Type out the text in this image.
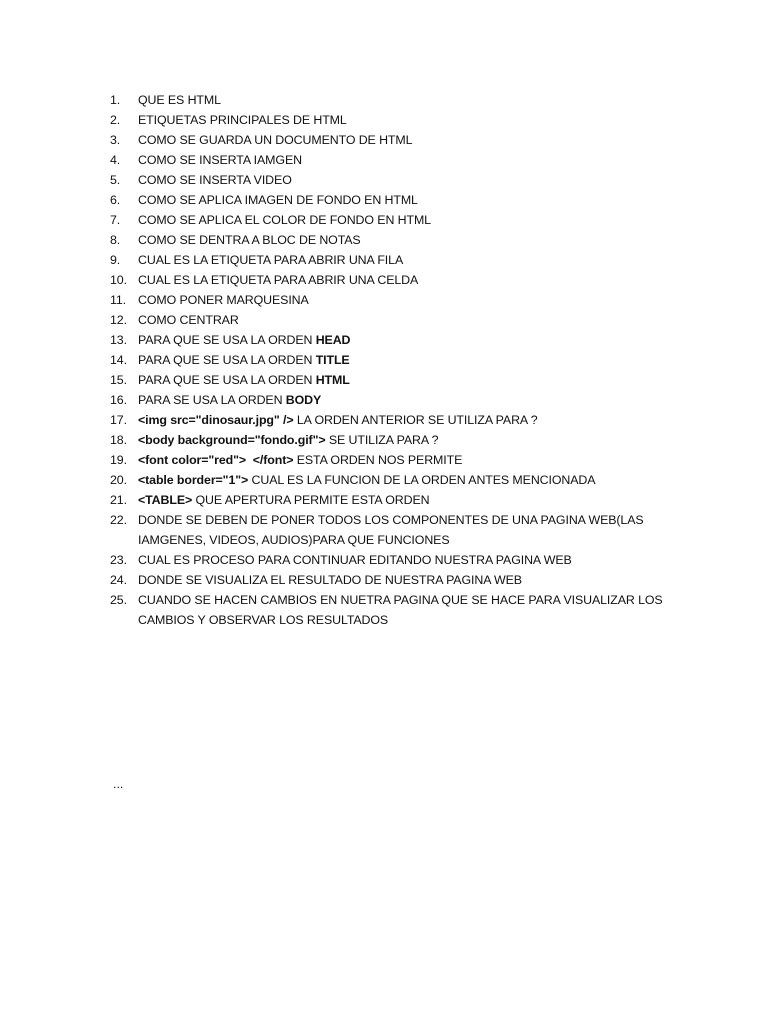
1.	QUE ES HTML
2.	ETIQUETAS PRINCIPALES DE HTML
3.	COMO SE GUARDA UN DOCUMENTO DE HTML
4.	COMO SE INSERTA IAMGEN
5.	COMO SE INSERTA VIDEO
6.	COMO SE APLICA IMAGEN DE FONDO EN HTML
7.	COMO SE APLICA EL COLOR DE FONDO EN HTML
8.	COMO SE DENTRA A BLOC DE NOTAS
9.	CUAL ES LA ETIQUETA PARA ABRIR UNA FILA
10. CUAL ES LA ETIQUETA PARA ABRIR UNA CELDA
11. COMO PONER MARQUESINA
12. COMO CENTRAR
13. PARA QUE SE USA LA ORDEN HEAD
14. PARA QUE SE USA LA ORDEN TITLE
15. PARA QUE SE USA LA ORDEN HTML
16. PARA SE USA LA ORDEN BODY
17. <img src="dinosaur.jpg" /> LA ORDEN ANTERIOR SE UTILIZA PARA ?
18. <body background="fondo.gif"> SE UTILIZA PARA ?
19. <font color="red">  </font> ESTA ORDEN NOS PERMITE
20. <table border="1"> CUAL ES LA FUNCION DE LA ORDEN ANTES MENCIONADA
21. <TABLE> QUE APERTURA PERMITE ESTA ORDEN
22. DONDE SE DEBEN DE PONER TODOS LOS COMPONENTES DE UNA PAGINA WEB(LAS IAMGENES, VIDEOS, AUDIOS)PARA QUE FUNCIONES
23. CUAL ES PROCESO PARA CONTINUAR EDITANDO NUESTRA PAGINA WEB
24. DONDE SE VISUALIZA EL RESULTADO DE NUESTRA PAGINA WEB
25. CUANDO SE HACEN CAMBIOS EN NUETRA PAGINA QUE SE HACE PARA VISUALIZAR LOS CAMBIOS Y OBSERVAR LOS RESULTADOS
...
